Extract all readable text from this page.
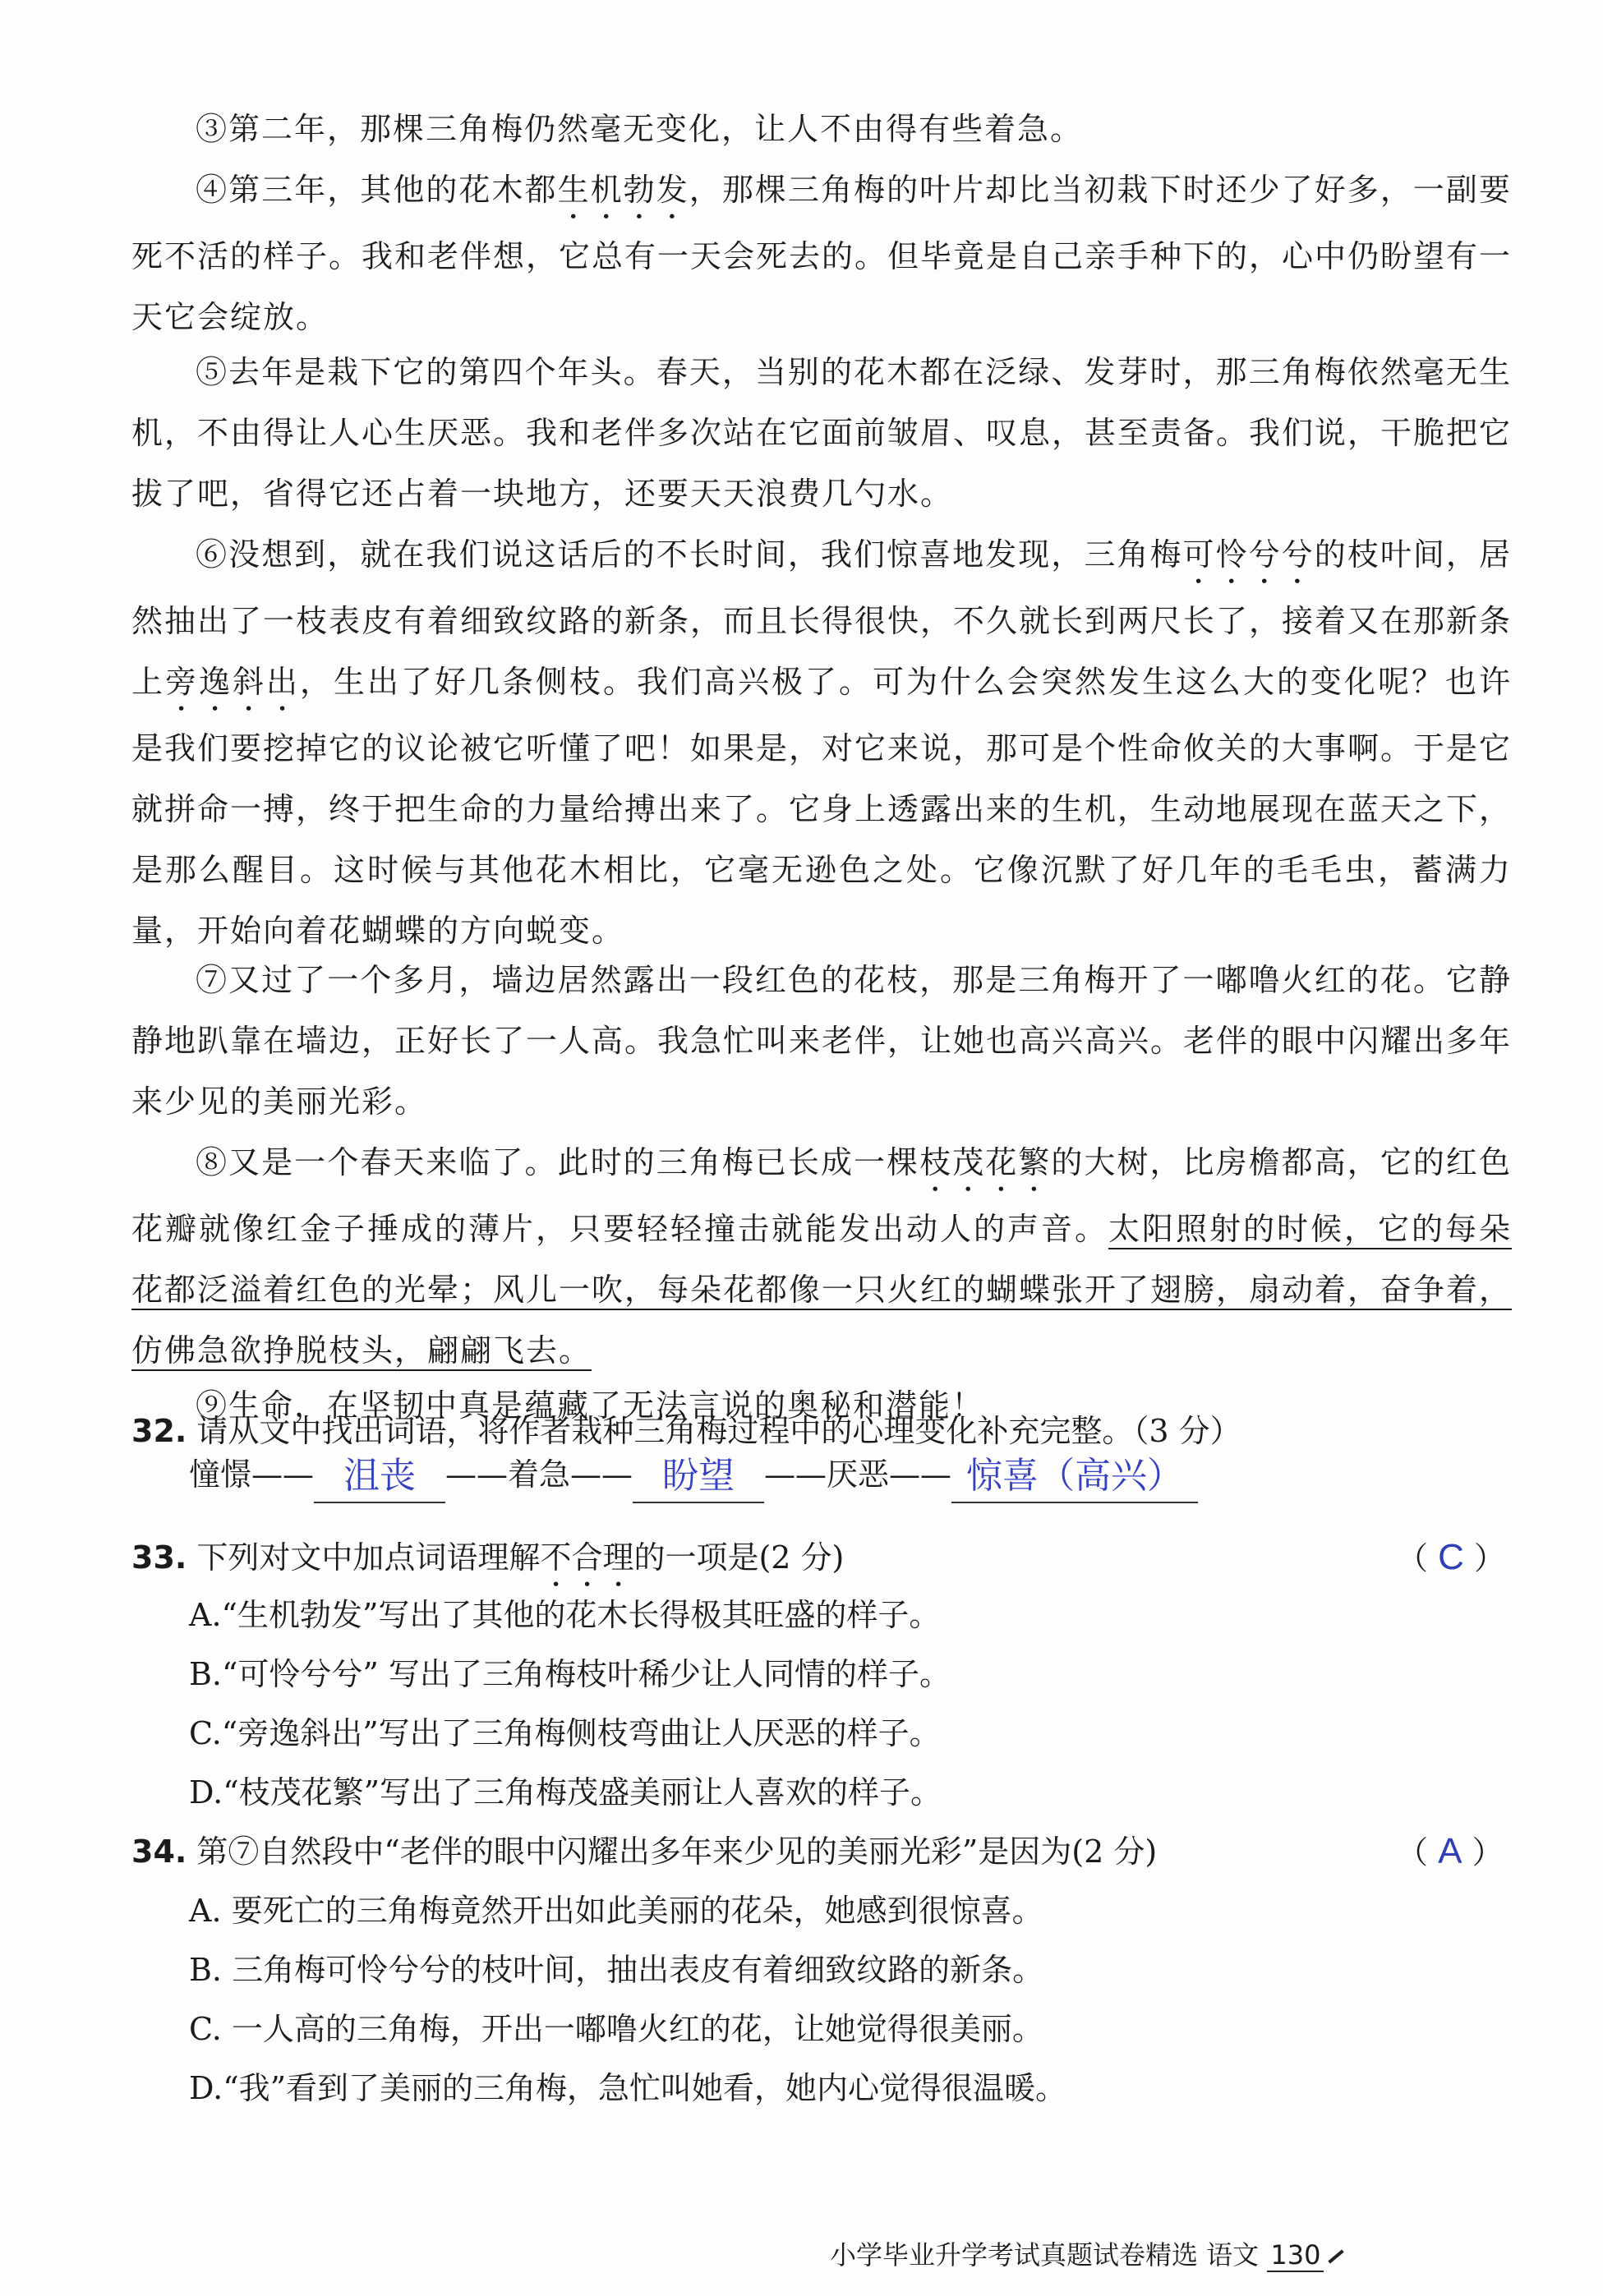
③第二年，那棵三角梅仍然毫无变化，让人不由得有些着急。

④第三年，其他的花木都生机勃发，那棵三角梅的叶片却比当初栽下时还少了好多，一副要死不活的样子。我和老伴想，它总有一天会死去的。但毕竟是自己亲手种下的，心中仍盼望有一天它会绽放。

⑤去年是栽下它的第四个年头。春天，当别的花木都在泛绿、发芽时，那三角梅依然毫无生机，不由得让人心生厌恶。我和老伴多次站在它面前皱眉、叹息，甚至责备。我们说，干脆把它拔了吧，省得它还占着一块地方，还要天天浪费几勺水。

⑥没想到，就在我们说这话后的不长时间，我们惊喜地发现，三角梅可怜兮兮的枝叶间，居然抽出了一枝表皮有着细致纹路的新条，而且长得很快，不久就长到两尺长了，接着又在那新条上旁逸斜出，生出了好几条侧枝。我们高兴极了。可为什么会突然发生这么大的变化呢？也许是我们要挖掉它的议论被它听懂了吧！如果是，对它来说，那可是个性命攸关的大事啊。于是它就拼命一搏，终于把生命的力量给搏出来了。它身上透露出来的生机，生动地展现在蓝天之下，是那么醒目。这时候与其他花木相比，它毫无逊色之处。它像沉默了好几年的毛毛虫，蓄满力量，开始向着花蝴蝶的方向蜕变。

⑦又过了一个多月，墙边居然露出一段红色的花枝，那是三角梅开了一嘟噜火红的花。它静静地趴靠在墙边，正好长了一人高。我急忙叫来老伴，让她也高兴高兴。老伴的眼中闪耀出多年来少见的美丽光彩。

⑧又是一个春天来临了。此时的三角梅已长成一棵枝茂花繁的大树，比房檐都高，它的红色花瓣就像红金子捶成的薄片，只要轻轻撞击就能发出动人的声音。太阳照射的时候，它的每朵花都泛溢着红色的光晕；风儿一吹，每朵花都像一只火红的蝴蝶张开了翅膀，扇动着，奋争着，仿佛急欲挣脱枝头，翩翩飞去。

⑨生命，在坚韧中真是蕴藏了无法言说的奥秘和潜能！

32. 请从文中找出词语，将作者栽种三角梅过程中的心理变化补充完整。（3 分）

憧憬—— 沮丧 ——着急—— 盼望 ——厌恶—— 惊喜（高兴）

33. 下列对文中加点词语理解不合理的一项是(2 分)	（ C ）

A.“生机勃发”写出了其他的花木长得极其旺盛的样子。

B.“可怜兮兮” 写出了三角梅枝叶稀少让人同情的样子。

C.“旁逸斜出”写出了三角梅侧枝弯曲让人厌恶的样子。

D.“枝茂花繁”写出了三角梅茂盛美丽让人喜欢的样子。

34. 第⑦自然段中“老伴的眼中闪耀出多年来少见的美丽光彩”是因为(2 分)	（ A ）

A. 要死亡的三角梅竟然开出如此美丽的花朵，她感到很惊喜。

B. 三角梅可怜兮兮的枝叶间，抽出表皮有着细致纹路的新条。

C. 一人高的三角梅，开出一嘟噜火红的花，让她觉得很美丽。

D.“我”看到了美丽的三角梅，急忙叫她看，她内心觉得很温暖。

小学毕业升学考试真题试卷精选 语文 130
